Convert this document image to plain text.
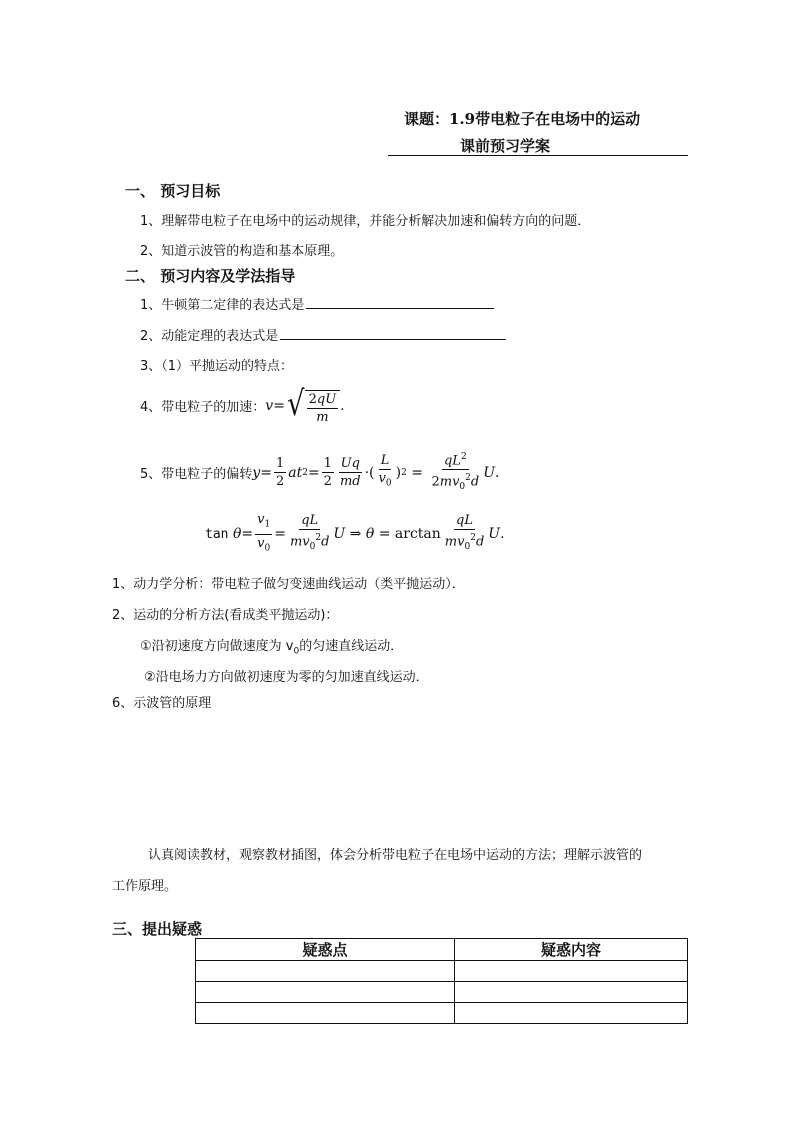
课题：1.9带电粒子在电场中的运动
课前预习学案
一、 预习目标
1、理解带电粒子在电场中的运动规律，并能分析解决加速和偏转方向的问题．
2、知道示波管的构造和基本原理。
二、 预习内容及学法指导
1、牛顿第二定律的表达式是
2、动能定理的表达式是
3、（1）平抛运动的特点：
4、带电粒子的加速： v = √ $\frac{2qU}{m}$ .
5、带电粒子的偏转 $y = \frac{1}{2}$ at $2 = \frac{1}{2} \frac{Uq}{md}$ ·( $\frac{L}{v_0}$ ) $2 = \frac{qL^2}{2mv_0^2d}$ U .
tan
$\theta = \frac{v_1}{v_0} = \frac{qL}{mv_0^2d}$ U ⇒ $\theta = \arctan \frac{qL}{mv_0^2d}$ U .
1、动力学分析：带电粒子做匀变速曲线运动（类平抛运动）．
2、运动的分析方法(看成类平抛运动)：
①沿初速度方向做速度为 $v_0$的匀速直线运动．
②沿电场力方向做初速度为零的匀加速直线运动．
6、示波管的原理
认真阅读教材，观察教材插图，体会分析带电粒子在电场中运动的方法；理解示波管的
工作原理。
三、提出疑惑
疑惑点	疑惑内容
